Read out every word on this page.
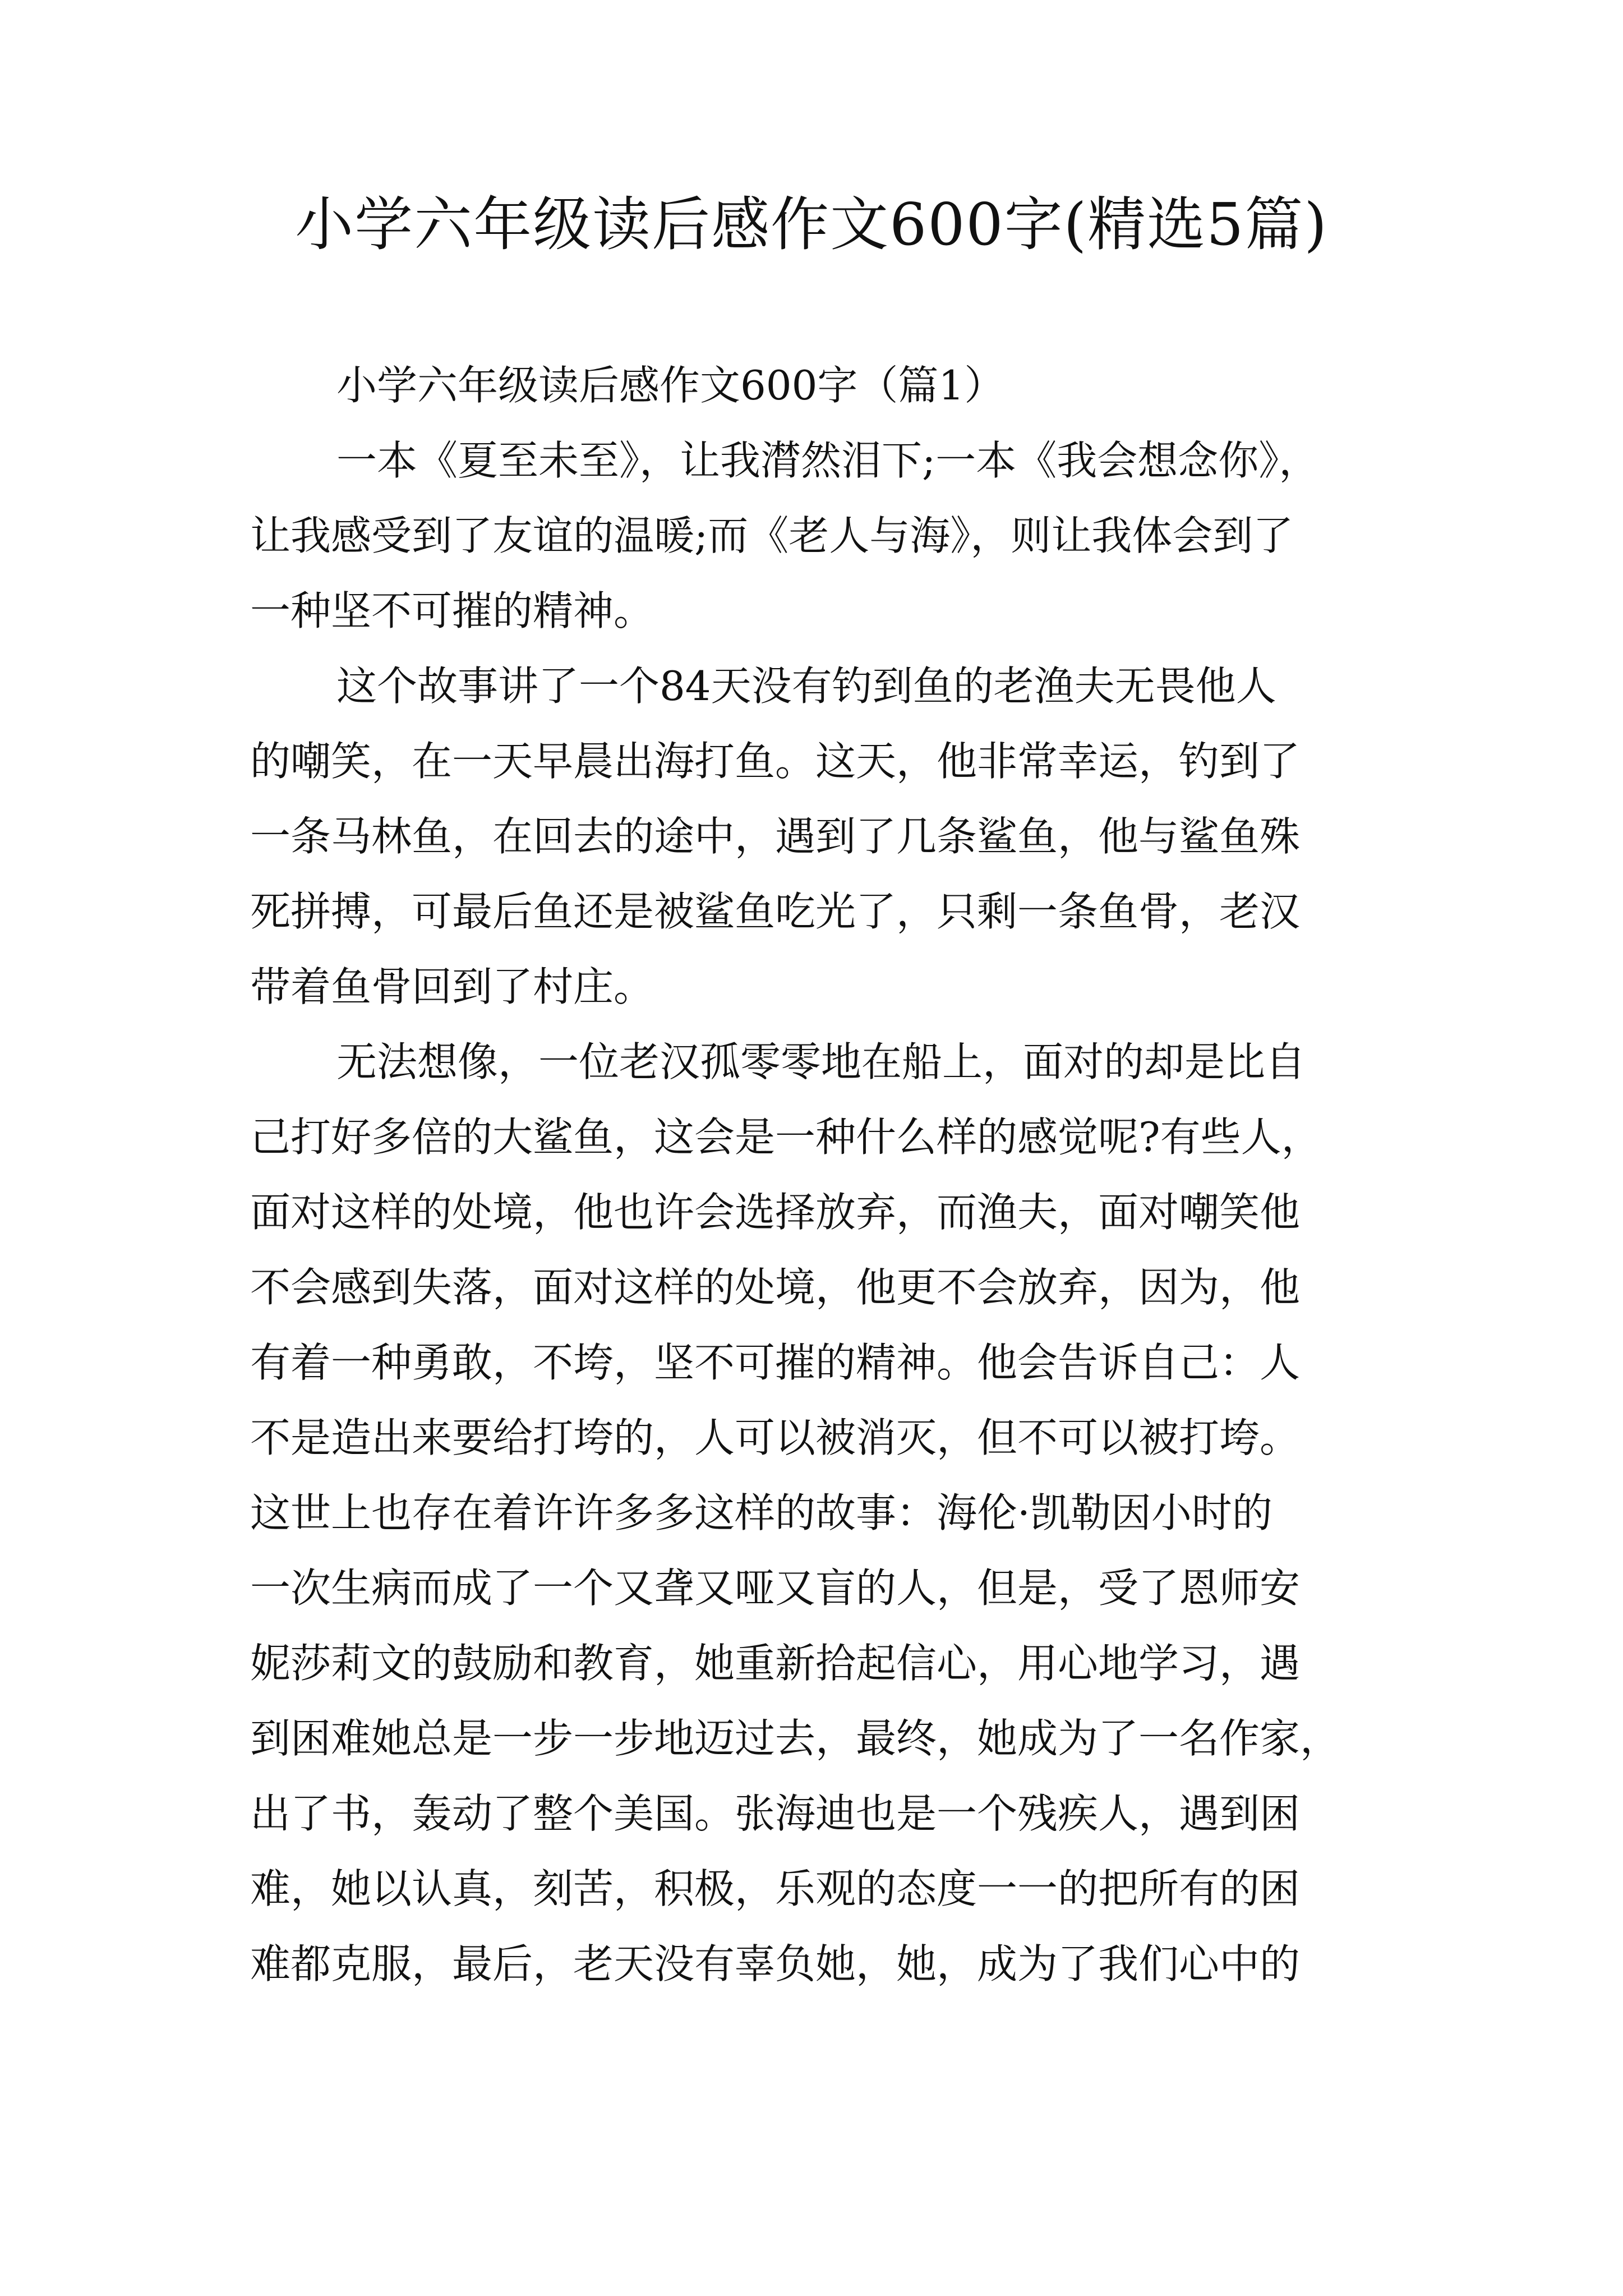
小学六年级读后感作文600字(精选5篇)
小学六年级读后感作文600字（篇1）
一本《夏至未至》，让我潸然泪下;一本《我会想念你》，
让我感受到了友谊的温暖;而《老人与海》，则让我体会到了
一种坚不可摧的精神。
这个故事讲了一个84天没有钓到鱼的老渔夫无畏他人
的嘲笑，在一天早晨出海打鱼。这天，他非常幸运，钓到了
一条马林鱼，在回去的途中，遇到了几条鲨鱼，他与鲨鱼殊
死拼搏，可最后鱼还是被鲨鱼吃光了，只剩一条鱼骨，老汉
带着鱼骨回到了村庄。
无法想像，一位老汉孤零零地在船上，面对的却是比自
己打好多倍的大鲨鱼，这会是一种什么样的感觉呢?有些人，
面对这样的处境，他也许会选择放弃，而渔夫，面对嘲笑他
不会感到失落，面对这样的处境，他更不会放弃，因为，他
有着一种勇敢，不垮，坚不可摧的精神。他会告诉自己：人
不是造出来要给打垮的，人可以被消灭，但不可以被打垮。
这世上也存在着许许多多这样的故事：海伦·凯勒因小时的
一次生病而成了一个又聋又哑又盲的人，但是，受了恩师安
妮莎莉文的鼓励和教育，她重新拾起信心，用心地学习，遇
到困难她总是一步一步地迈过去，最终，她成为了一名作家，
出了书，轰动了整个美国。张海迪也是一个残疾人，遇到困
难，她以认真，刻苦，积极，乐观的态度一一的把所有的困
难都克服，最后，老天没有辜负她，她，成为了我们心中的
